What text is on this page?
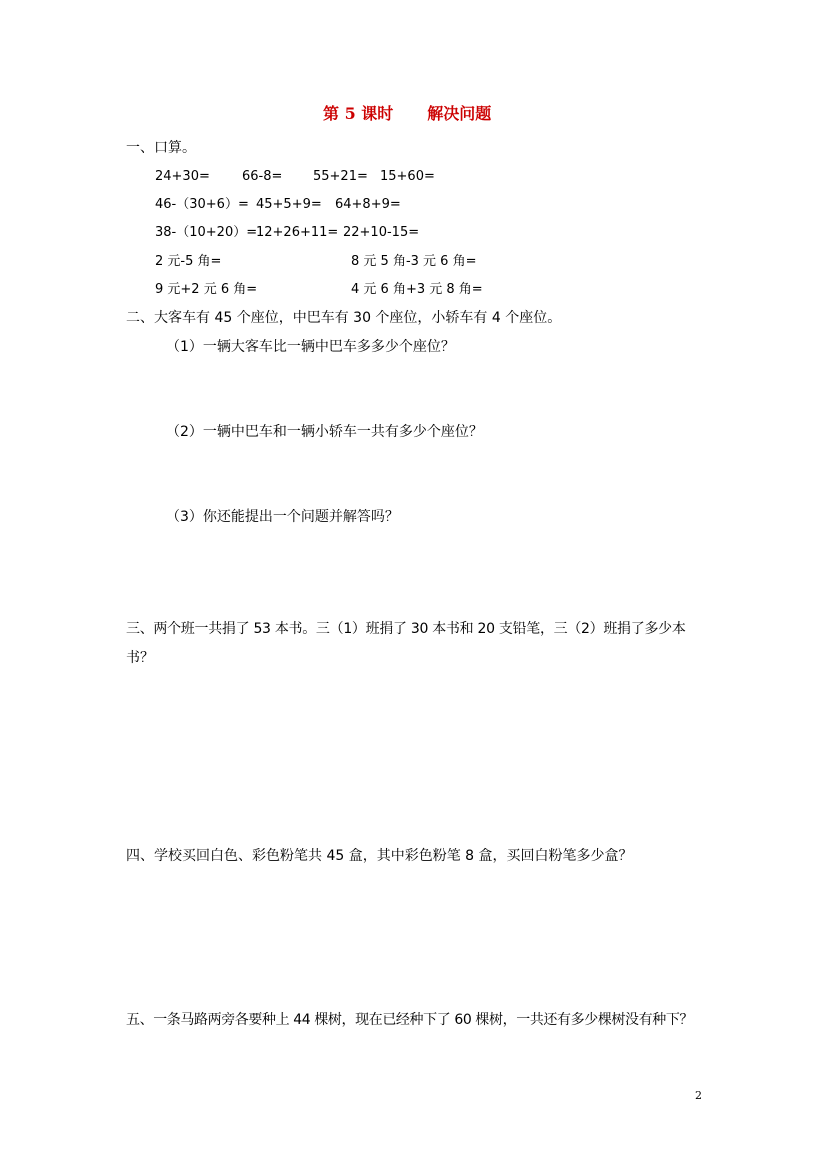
第 5 课时 解决问题
一、口算。
24+30= 66-8= 55+21= 15+60=
46-（30+6）= 45+5+9= 64+8+9=
38-（10+20）=
12+26+11= 22+10-15=
2 元-5 角=	8 元 5 角-3 元 6 角=
9 元+2 元 6 角=	4 元 6 角+3 元 8 角=
二、大客车有 45 个座位，中巴车有 30 个座位，小轿车有 4 个座位。
（1）一辆大客车比一辆中巴车多多少个座位？
（2）一辆中巴车和一辆小轿车一共有多少个座位？
（3）你还能提出一个问题并解答吗？
三、两个班一共捐了 53 本书。三（1）班捐了 30 本书和 20 支铅笔，三（2）班捐了多少本
书？
四、学校买回白色、彩色粉笔共 45 盒，其中彩色粉笔 8 盒，买回白粉笔多少盒？
五、一条马路两旁各要种上 44 棵树，现在已经种下了 60 棵树，一共还有多少棵树没有种下？
2
